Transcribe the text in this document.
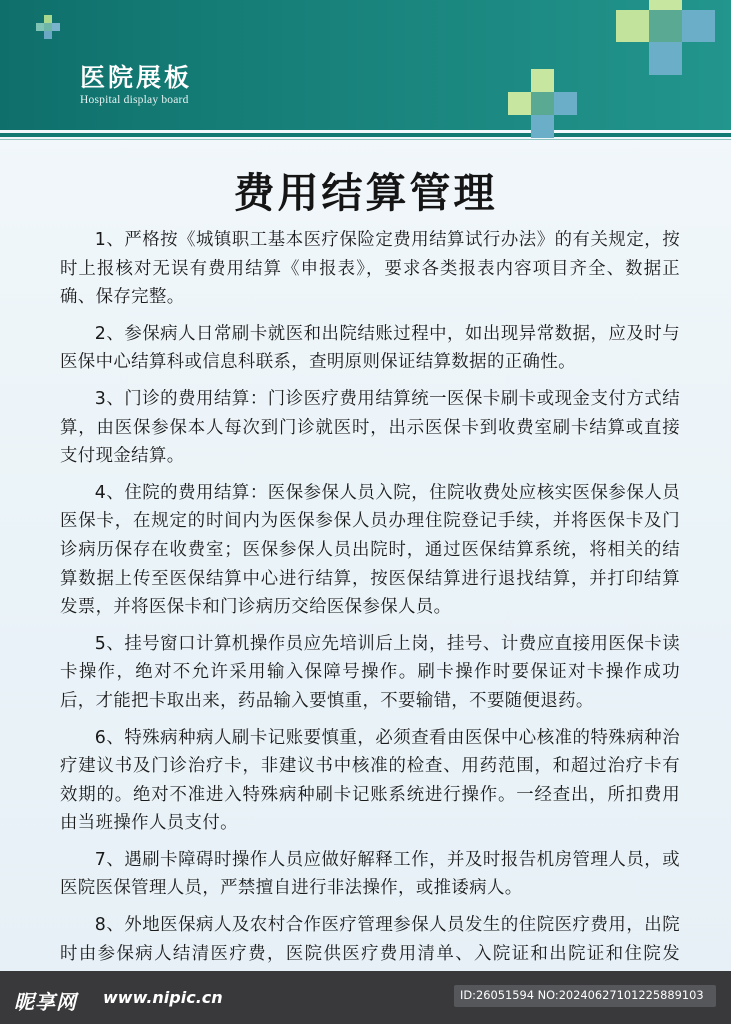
医院展板
Hospital display board
费用结算管理

1、严格按《城镇职工基本医疗保险定费用结算试行办法》的有关规定，按时上报核对无误有费用结算《申报表》，要求各类报表内容项目齐全、数据正确、保存完整。

2、参保病人日常刷卡就医和出院结账过程中，如出现异常数据，应及时与医保中心结算科或信息科联系，查明原则保证结算数据的正确性。

3、门诊的费用结算：门诊医疗费用结算统一医保卡刷卡或现金支付方式结算，由医保参保本人每次到门诊就医时，出示医保卡到收费室刷卡结算或直接支付现金结算。

4、住院的费用结算：医保参保人员入院，住院收费处应核实医保参保人员医保卡，在规定的时间内为医保参保人员办理住院登记手续，并将医保卡及门诊病历保存在收费室；医保参保人员出院时，通过医保结算系统，将相关的结算数据上传至医保结算中心进行结算，按医保结算进行退找结算，并打印结算发票，并将医保卡和门诊病历交给医保参保人员。

5、挂号窗口计算机操作员应先培训后上岗，挂号、计费应直接用医保卡读卡操作，绝对不允许采用输入保障号操作。刷卡操作时要保证对卡操作成功后，才能把卡取出来，药品输入要慎重，不要输错，不要随便退药。

6、特殊病种病人刷卡记账要慎重，必须查看由医保中心核准的特殊病种治疗建议书及门诊治疗卡，非建议书中核准的检查、用药范围，和超过治疗卡有效期的。绝对不准进入特殊病种刷卡记账系统进行操作。一经查出，所扣费用由当班操作人员支付。

7、遇刷卡障碍时操作人员应做好解释工作，并及时报告机房管理人员，或医院医保管理人员，严禁擅自进行非法操作，或推诿病人。

8、外地医保病人及农村合作医疗管理参保人员发生的住院医疗费用，出院时由参保病人结清医疗费，医院供医疗费用清单、入院证和出院证和住院发

昵享网 www.nipic.cn	ID:26051594 NO:20240627101225889103
